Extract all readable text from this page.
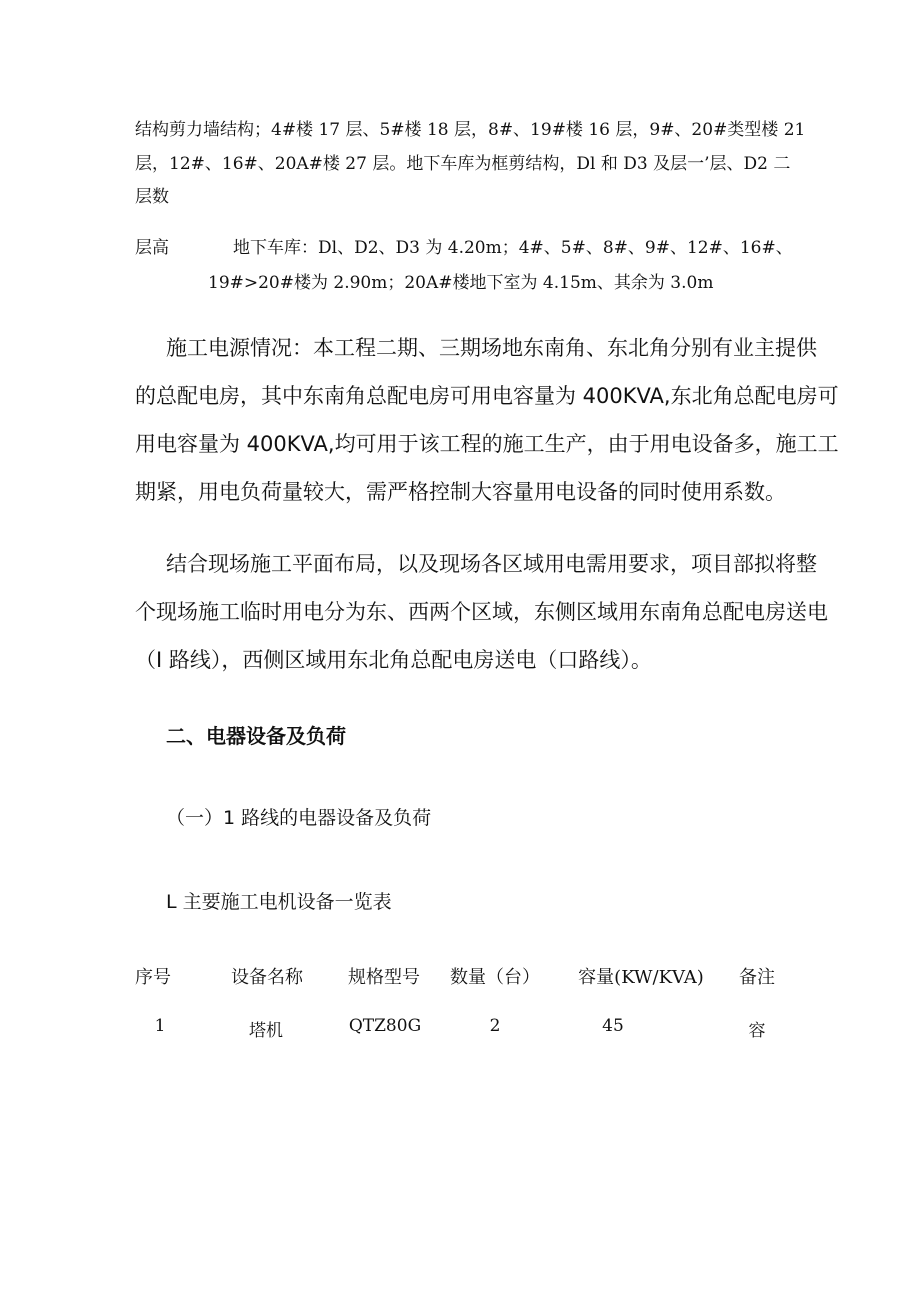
结构剪力墙结构；4#楼 17 层、5#楼 18 层，8#、19#楼 16 层，9#、20#类型楼 21
层，12#、16#、20A#楼 27 层。地下车库为框剪结构，Dl 和 D3 及层一’层、D2 二
层数
层高	地下车库：Dl、D2、D3 为 4.20m；4#、5#、8#、9#、12#、16#、
19#>20#楼为 2.90m；20A#楼地下室为 4.15m、其余为 3.0m
施工电源情况：本工程二期、三期场地东南角、东北角分别有业主提供
的总配电房，其中东南角总配电房可用电容量为 400KVA,东北角总配电房可
用电容量为 400KVA,均可用于该工程的施工生产，由于用电设备多，施工工
期紧，用电负荷量较大，需严格控制大容量用电设备的同时使用系数。
结合现场施工平面布局，以及现场各区域用电需用要求，项目部拟将整
个现场施工临时用电分为东、西两个区域，东侧区域用东南角总配电房送电
（I 路线），西侧区域用东北角总配电房送电（口路线）。
二、电器设备及负荷
（一）1 路线的电器设备及负荷
L 主要施工电机设备一览表
序号	设备名称	规格型号 数量（台） 容量(KW/KVA) 备注
1	塔机	QTZ80G	2	45	容
